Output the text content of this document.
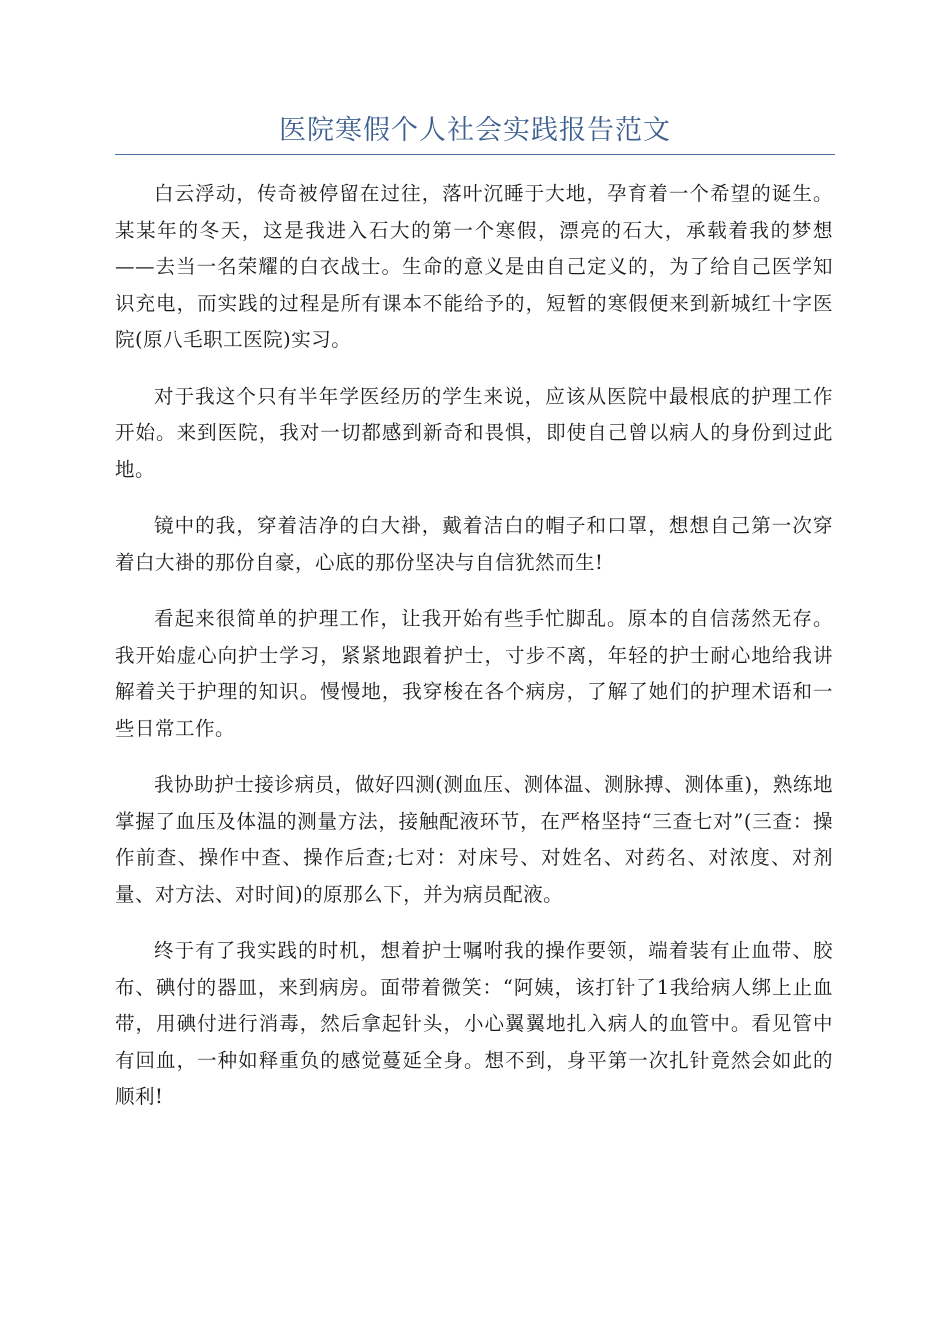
医院寒假个人社会实践报告范文

白云浮动，传奇被停留在过往，落叶沉睡于大地，孕育着一个希望的诞生。某某年的冬天，这是我进入石大的第一个寒假，漂亮的石大，承载着我的梦想——去当一名荣耀的白衣战士。生命的意义是由自己定义的，为了给自己医学知识充电，而实践的过程是所有课本不能给予的，短暂的寒假便来到新城红十字医院(原八毛职工医院)实习。

对于我这个只有半年学医经历的学生来说，应该从医院中最根底的护理工作开始。来到医院，我对一切都感到新奇和畏惧，即使自己曾以病人的身份到过此地。

镜中的我，穿着洁净的白大褂，戴着洁白的帽子和口罩，想想自己第一次穿着白大褂的那份自豪，心底的那份坚决与自信犹然而生!

看起来很简单的护理工作，让我开始有些手忙脚乱。原本的自信荡然无存。我开始虚心向护士学习，紧紧地跟着护士，寸步不离，年轻的护士耐心地给我讲解着关于护理的知识。慢慢地，我穿梭在各个病房，了解了她们的护理术语和一些日常工作。

我协助护士接诊病员，做好四测(测血压、测体温、测脉搏、测体重)，熟练地掌握了血压及体温的测量方法，接触配液环节，在严格坚持“三查七对”(三查：操作前查、操作中查、操作后查;七对：对床号、对姓名、对药名、对浓度、对剂量、对方法、对时间)的原那么下，并为病员配液。

终于有了我实践的时机，想着护士嘱咐我的操作要领，端着装有止血带、胶布、碘付的器皿，来到病房。面带着微笑：“阿姨，该打针了1我给病人绑上止血带，用碘付进行消毒，然后拿起针头，小心翼翼地扎入病人的血管中。看见管中有回血，一种如释重负的感觉蔓延全身。想不到，身平第一次扎针竟然会如此的顺利!
